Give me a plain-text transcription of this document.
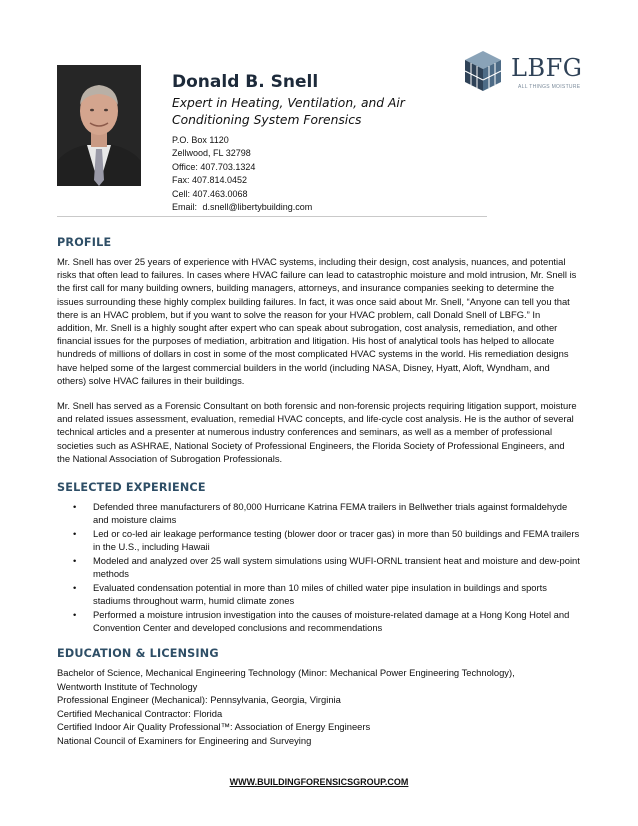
Donald B. Snell

Expert in Heating, Ventilation, and Air Conditioning System Forensics

P.O. Box 1120
Zellwood, FL 32798
Office: 407.703.1324
Fax: 407.814.0452
Cell: 407.463.0068
Email: d.snell@libertybuilding.com
LBFG
ALL THINGS MOISTURE
PROFILE

Mr. Snell has over 25 years of experience with HVAC systems, including their design, cost analysis, nuances, and potential risks that often lead to failures. In cases where HVAC failure can lead to catastrophic moisture and mold intrusion, Mr. Snell is the first call for many building owners, building managers, attorneys, and insurance companies seeking to determine the issues surrounding these highly complex building failures. In fact, it was once said about Mr. Snell, “Anyone can tell you that there is an HVAC problem, but if you want to solve the reason for your HVAC problem, call Donald Snell of LBFG.” In addition, Mr. Snell is a highly sought after expert who can speak about subrogation, cost analysis, remediation, and other financial issues for the purposes of mediation, arbitration and litigation. His host of analytical tools has helped to allocate hundreds of millions of dollars in cost in some of the most complicated HVAC systems in the world. His remediation designs have helped some of the largest commercial builders in the world (including NASA, Disney, Hyatt, Aloft, Wyndham, and others) solve HVAC failures in their buildings.

Mr. Snell has served as a Forensic Consultant on both forensic and non-forensic projects requiring litigation support, moisture and related issues assessment, evaluation, remedial HVAC concepts, and life-cycle cost analysis. He is the author of several technical articles and a presenter at numerous industry conferences and seminars, as well as a member of professional societies such as ASHRAE, National Society of Professional Engineers, the Florida Society of Professional Engineers, and the National Association of Subrogation Professionals.

SELECTED EXPERIENCE
• Defended three manufacturers of 80,000 Hurricane Katrina FEMA trailers in Bellwether trials against formaldehyde and moisture claims
• Led or co-led air leakage performance testing (blower door or tracer gas) in more than 50 buildings and FEMA trailers in the U.S., including Hawaii
• Modeled and analyzed over 25 wall system simulations using WUFI-ORNL transient heat and moisture and dew-point methods
• Evaluated condensation potential in more than 10 miles of chilled water pipe insulation in buildings and sports stadiums throughout warm, humid climate zones
• Performed a moisture intrusion investigation into the causes of moisture-related damage at a Hong Kong Hotel and Convention Center and developed conclusions and recommendations
EDUCATION & LICENSING
Bachelor of Science, Mechanical Engineering Technology (Minor: Mechanical Power Engineering Technology),
Wentworth Institute of Technology
Professional Engineer (Mechanical): Pennsylvania, Georgia, Virginia
Certified Mechanical Contractor: Florida
Certified Indoor Air Quality Professional™: Association of Energy Engineers
National Council of Examiners for Engineering and Surveying
WWW.BUILDINGFORENSICSGROUP.COM
